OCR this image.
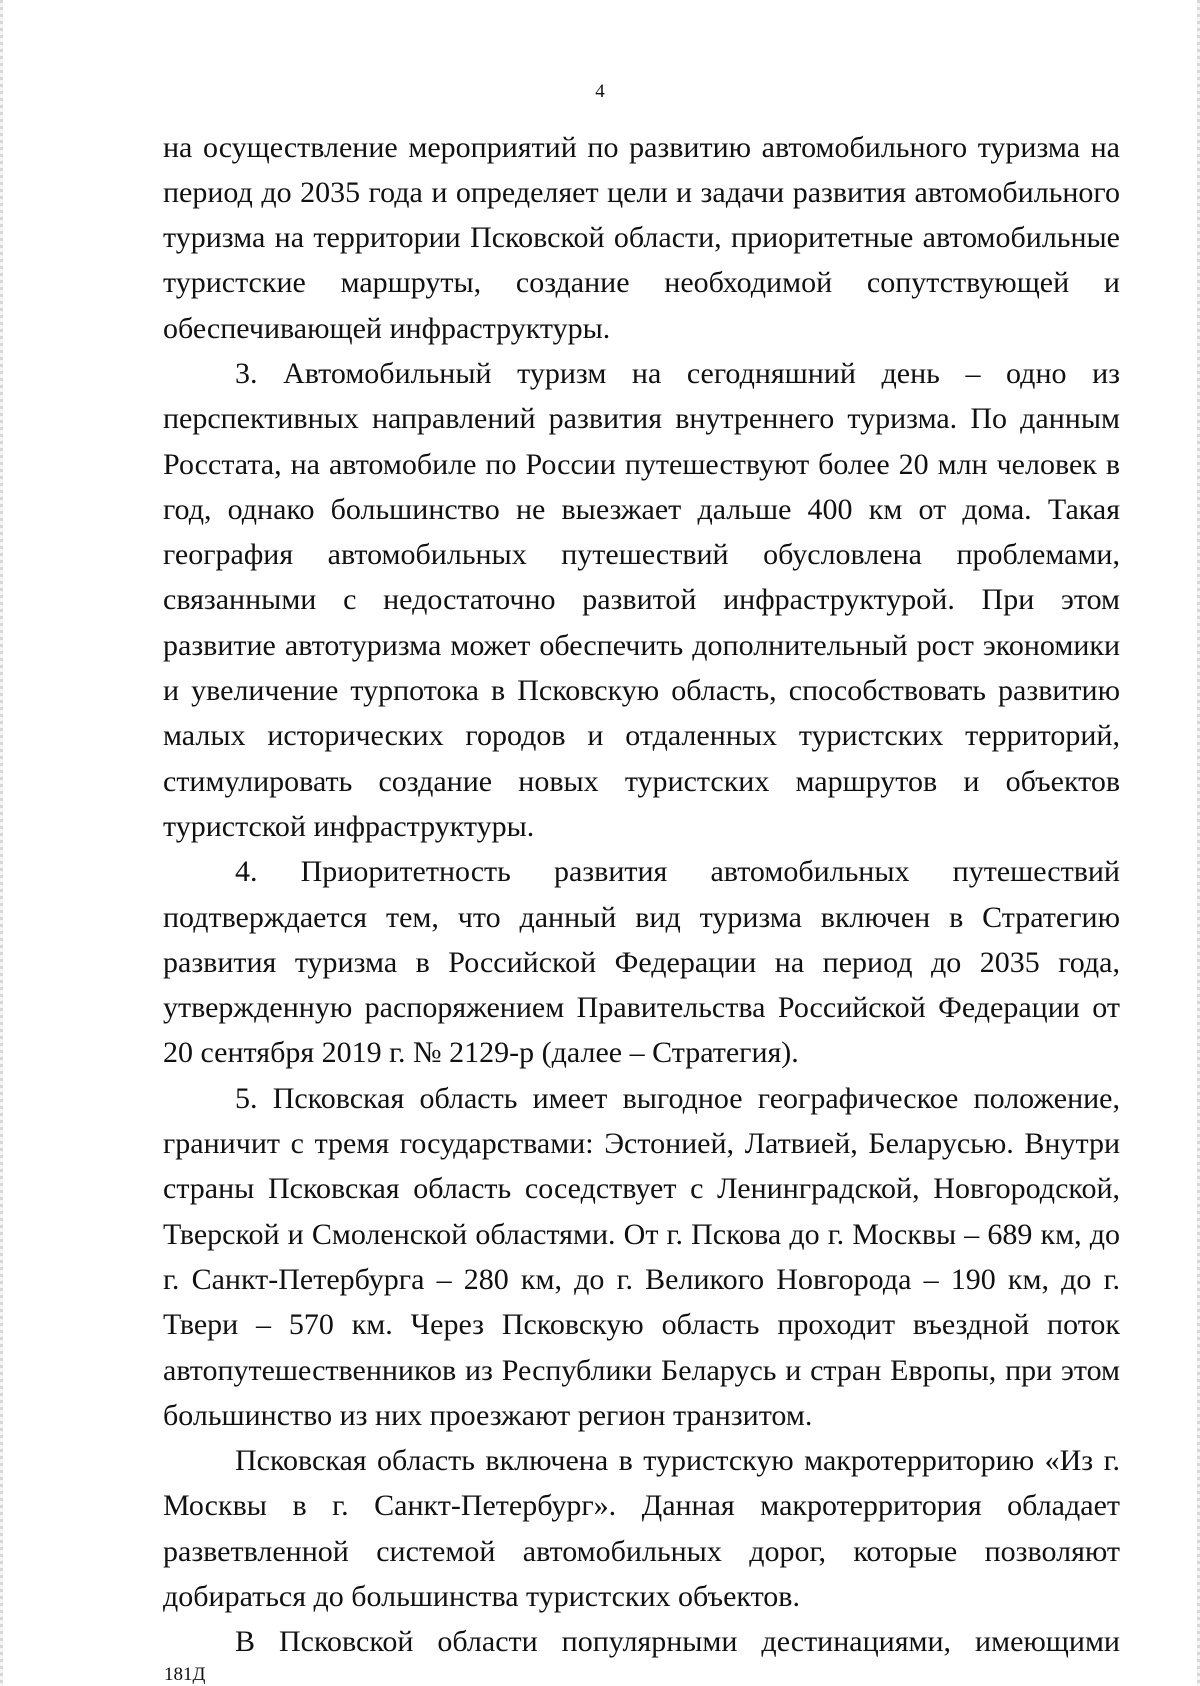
4

на осуществление мероприятий по развитию автомобильного туризма на период до 2035 года и определяет цели и задачи развития автомобильного туризма на территории Псковской области, приоритетные автомобильные туристские маршруты, создание необходимой сопутствующей и обеспечивающей инфраструктуры.

3. Автомобильный туризм на сегодняшний день – одно из перспективных направлений развития внутреннего туризма. По данным Росстата, на автомобиле по России путешествуют более 20 млн человек в год, однако большинство не выезжает дальше 400 км от дома. Такая география автомобильных путешествий обусловлена проблемами, связанными с недостаточно развитой инфраструктурой. При этом развитие автотуризма может обеспечить дополнительный рост экономики и увеличение турпотока в Псковскую область, способствовать развитию малых исторических городов и отдаленных туристских территорий, стимулировать создание новых туристских маршрутов и объектов туристской инфраструктуры.

4. Приоритетность развития автомобильных путешествий подтверждается тем, что данный вид туризма включен в Стратегию развития туризма в Российской Федерации на период до 2035 года, утвержденную распоряжением Правительства Российской Федерации от 20 сентября 2019 г. № 2129-р (далее – Стратегия).

5. Псковская область имеет выгодное географическое положение, граничит с тремя государствами: Эстонией, Латвией, Беларусью. Внутри страны Псковская область соседствует с Ленинградской, Новгородской, Тверской и Смоленской областями. От г. Пскова до г. Москвы – 689 км, до г. Санкт-Петербурга – 280 км, до г. Великого Новгорода – 190 км, до г. Твери – 570 км. Через Псковскую область проходит въездной поток автопутешественников из Республики Беларусь и стран Европы, при этом большинство из них проезжают регион транзитом.

Псковская область включена в туристскую макротерриторию «Из г. Москвы в г. Санкт-Петербург». Данная макротерритория обладает разветвленной системой автомобильных дорог, которые позволяют добираться до большинства туристских объектов.

В Псковской области популярными дестинациями, имеющими

181Д
